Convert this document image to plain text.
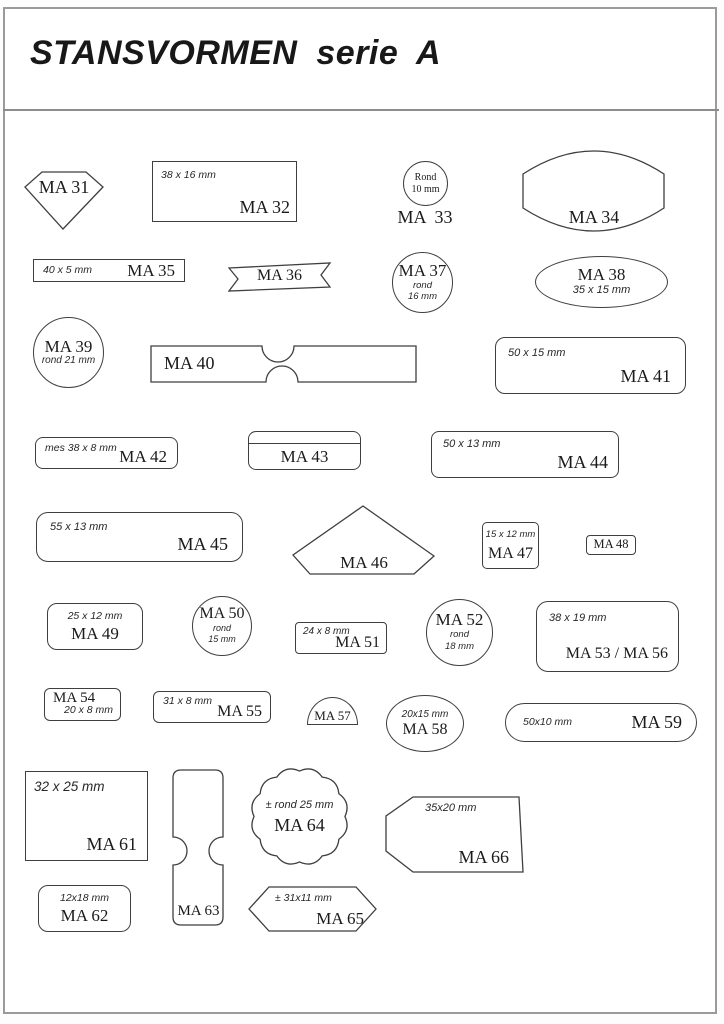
STANSVORMEN serie A
MA 31
38 x 16 mm
MA 32
Rond
10 mm
MA  33	MA 34
40 x 5 mm MA 35	MA 36	MA 37
rond
16 mm
MA 38
35 x 15 mm
MA 39
rond 21 mm	MA 40	50 x 15 mm
MA 41
mes 38 x 8 mm MA 42	MA 43
50 x 13 mm
MA 44
55 x 13 mm
MA 45
MA 46
15 x 12 mm
MA 47
MA 48
25 x 12 mm
MA 49
MA 50
rond
15 mm
24 x 8 mm
MA 51
MA 52
rond
18 mm
38 x 19 mm
MA 53 / MA 56
MA 54
20 x 8 mm
31 x 8 mm
MA 55	MA 57	20x15 mm
MA 58	50x10 mm	MA 59
32 x 25 mm
MA 61
MA 63
± rond 25 mm
MA 64
35x20 mm
MA 66
12x18 mm
MA 62
± 31x11 mm
MA 65
